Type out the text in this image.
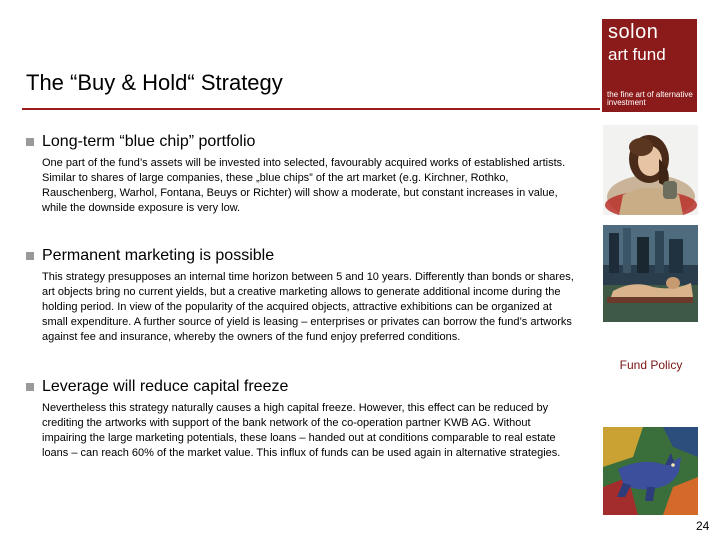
solon
art fund
the fine art of alternative investment
The “Buy & Hold“ Strategy
Long-term “blue chip” portfolio
One part of the fund’s assets will be invested into selected, favourably acquired works of established artists. Similar to shares of large companies, these „blue chips” of the art market (e.g. Kirchner, Rothko, Rauschenberg, Warhol, Fontana, Beuys or Richter) will show a moderate, but constant increases in value, while the downside exposure is very low.
Permanent marketing is possible
This strategy presupposes an internal time horizon between 5 and 10 years. Differently than bonds or shares, art objects bring no current yields, but a creative marketing allows to generate additional income during the holding period. In view of the popularity of the acquired objects, attractive exhibitions can be organized at small expenditure. A further source of yield is leasing – enterprises or privates can borrow the fund’s artworks against fee and insurance, whereby the owners of the fund enjoy preferred conditions.
Leverage will reduce capital freeze
Nevertheless this strategy naturally causes a high capital freeze. However, this effect can be reduced by crediting the artworks with support of the bank network of the co-operation partner KWB AG. Without impairing the large marketing potentials, these loans – handed out at conditions comparable to real estate loans – can reach 60% of the market value. This influx of funds can be used again in alternative strategies.
Fund Policy
24
